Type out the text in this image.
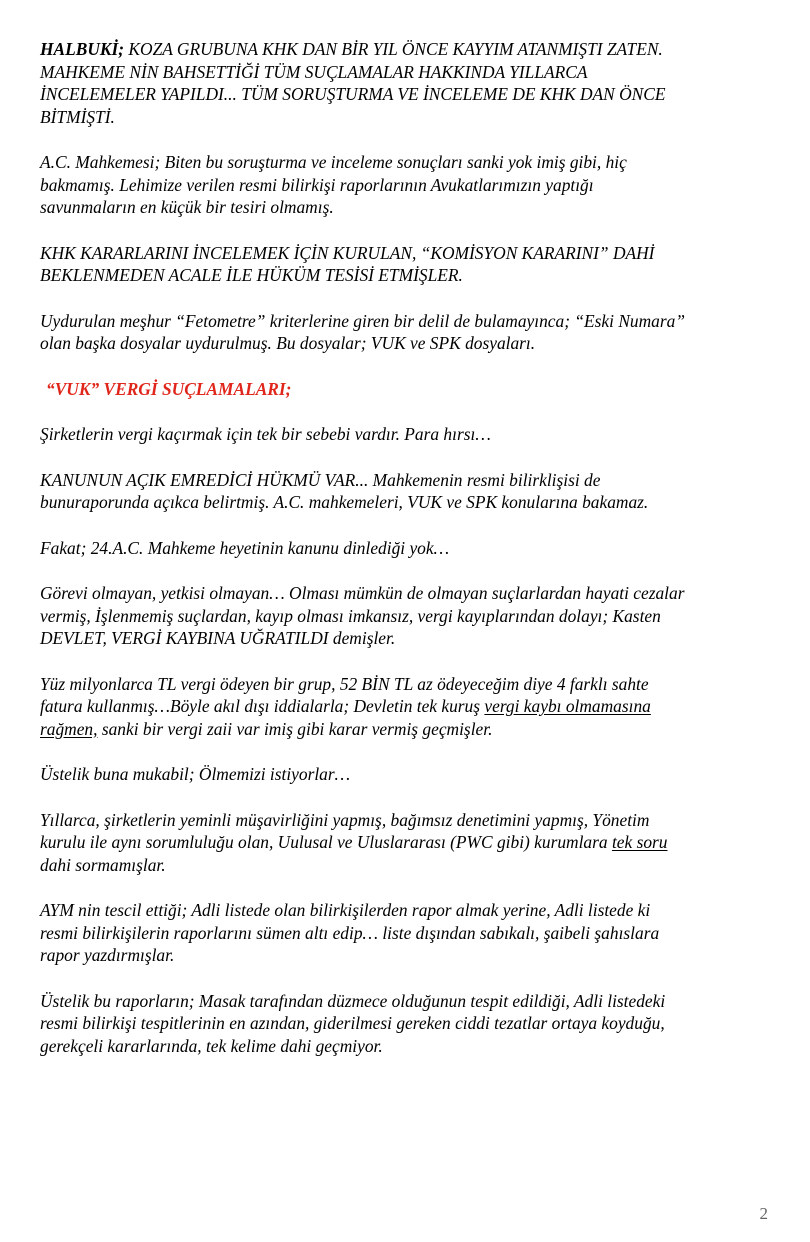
HALBUKİ; KOZA GRUBUNA KHK DAN BİR YIL ÖNCE KAYYIM ATANMIŞTI ZATEN.
MAHKEME NİN BAHSETTİĞİ TÜM SUÇLAMALAR HAKKINDA YILLARCA
İNCELEMELER YAPILDI... TÜM SORUŞTURMA VE İNCELEME DE KHK DAN ÖNCE
BİTMİŞTİ.

A.C. Mahkemesi; Biten bu soruşturma ve inceleme sonuçları sanki yok imiş gibi, hiç
bakmamış. Lehimize verilen resmi bilirkişi raporlarının Avukatlarımızın yaptığı
savunmaların en küçük bir tesiri olmamış.

KHK KARARLARINI İNCELEMEK İÇİN KURULAN, “KOMİSYON KARARINI” DAHİ
BEKLENMEDEN ACALE İLE HÜKÜM TESİSİ ETMİŞLER.

Uydurulan meşhur “Fetometre” kriterlerine giren bir delil de bulamayınca; “Eski Numara”
olan başka dosyalar uydurulmuş. Bu dosyalar; VUK ve SPK dosyaları.

“VUK” VERGİ SUÇLAMALARI;

Şirketlerin vergi kaçırmak için tek bir sebebi vardır. Para hırsı…

KANUNUN AÇIK EMREDİCİ HÜKMÜ VAR... Mahkemenin resmi bilirklişisi de
bunuraporunda açıkca belirtmiş. A.C. mahkemeleri, VUK ve SPK konularına bakamaz.

Fakat; 24.A.C. Mahkeme heyetinin kanunu dinlediği yok…

Görevi olmayan, yetkisi olmayan… Olması mümkün de olmayan suçlarlardan hayati cezalar
vermiş, İşlenmemiş suçlardan, kayıp olması imkansız, vergi kayıplarından dolayı; Kasten
DEVLET, VERGİ KAYBINA UĞRATILDI demişler.

Yüz milyonlarca TL vergi ödeyen bir grup, 52 BİN TL az ödeyeceğim diye 4 farklı sahte
fatura kullanmış…Böyle akıl dışı iddialarla; Devletin tek kuruş vergi kaybı olmamasına
rağmen, sanki bir vergi zaii var imiş gibi karar vermiş geçmişler.

Üstelik buna mukabil; Ölmemizi istiyorlar…

Yıllarca, şirketlerin yeminli müşavirliğini yapmış, bağımsız denetimini yapmış, Yönetim
kurulu ile aynı sorumluluğu olan, Uulusal ve Uluslararası (PWC gibi) kurumlara tek soru
dahi sormamışlar.

AYM nin tescil ettiği; Adli listede olan bilirkişilerden rapor almak yerine, Adli listede ki
resmi bilirkişilerin raporlarını sümen altı edip… liste dışından sabıkalı, şaibeli şahıslara
rapor yazdırmışlar.

Üstelik bu raporların; Masak tarafından düzmece olduğunun tespit edildiği, Adli listedeki
resmi bilirkişi tespitlerinin en azından, giderilmesi gereken ciddi tezatlar ortaya koyduğu,
gerekçeli kararlarında, tek kelime dahi geçmiyor.

2
